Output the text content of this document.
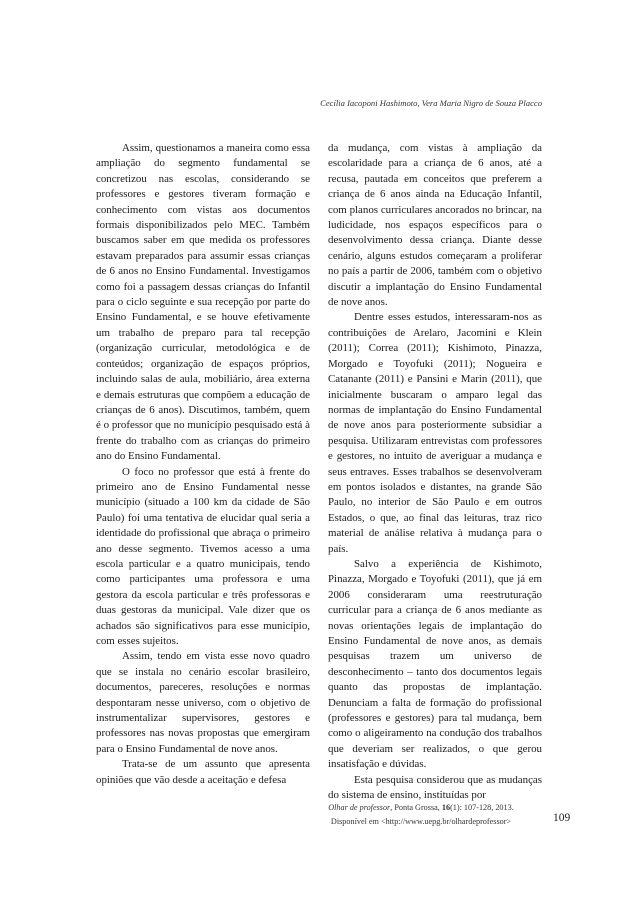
Cecília Iacoponi Hashimoto, Vera Maria Nigro de Souza Placco

Assim, questionamos a maneira como essa ampliação do segmento fundamental se concretizou nas escolas, considerando se professores e gestores tiveram formação e conhecimento com vistas aos documentos formais disponibilizados pelo MEC. Também buscamos saber em que medida os professores estavam preparados para assumir essas crianças de 6 anos no Ensino Fundamental. Investigamos como foi a passagem dessas crianças do Infantil para o ciclo seguinte e sua recepção por parte do Ensino Fundamental, e se houve efetivamente um trabalho de preparo para tal recepção (organização curricular, metodológica e de conteúdos; organização de espaços próprios, incluindo salas de aula, mobiliário, área externa e demais estruturas que compõem a educação de crianças de 6 anos). Discutimos, também, quem é o professor que no município pesquisado está à frente do trabalho com as crianças do primeiro ano do Ensino Fundamental.

O foco no professor que está à frente do primeiro ano de Ensino Fundamental nesse município (situado a 100 km da cidade de São Paulo) foi uma tentativa de elucidar qual seria a identidade do profissional que abraça o primeiro ano desse segmento. Tivemos acesso a uma escola particular e a quatro municipais, tendo como participantes uma professora e uma gestora da escola particular e três professoras e duas gestoras da municipal. Vale dizer que os achados são significativos para esse município, com esses sujeitos.

Assim, tendo em vista esse novo quadro que se instala no cenário escolar brasileiro, documentos, pareceres, resoluções e normas despontaram nesse universo, com o objetivo de instrumentalizar supervisores, gestores e professores nas novas propostas que emergiram para o Ensino Fundamental de nove anos.

Trata-se de um assunto que apresenta opiniões que vão desde a aceitação e defesa

da mudança, com vistas à ampliação da escolaridade para a criança de 6 anos, até a recusa, pautada em conceitos que preferem a criança de 6 anos ainda na Educação Infantil, com planos curriculares ancorados no brincar, na ludicidade, nos espaços específicos para o desenvolvimento dessa criança. Diante desse cenário, alguns estudos começaram a proliferar no país a partir de 2006, também com o objetivo discutir a implantação do Ensino Fundamental de nove anos.

Dentre esses estudos, interessaram-nos as contribuições de Arelaro, Jacomini e Klein (2011); Correa (2011); Kishimoto, Pinazza, Morgado e Toyofuki (2011); Nogueira e Catanante (2011) e Pansini e Marin (2011), que inicialmente buscaram o amparo legal das normas de implantação do Ensino Fundamental de nove anos para posteriormente subsidiar a pesquisa. Utilizaram entrevistas com professores e gestores, no intuito de averiguar a mudança e seus entraves. Esses trabalhos se desenvolveram em pontos isolados e distantes, na grande São Paulo, no interior de São Paulo e em outros Estados, o que, ao final das leituras, traz rico material de análise relativa à mudança para o país.

Salvo a experiência de Kishimoto, Pinazza, Morgado e Toyofuki (2011), que já em 2006 consideraram uma reestruturação curricular para a criança de 6 anos mediante as novas orientações legais de implantação do Ensino Fundamental de nove anos, as demais pesquisas trazem um universo de desconhecimento – tanto dos documentos legais quanto das propostas de implantação. Denunciam a falta de formação do profissional (professores e gestores) para tal mudança, bem como o aligeiramento na condução dos trabalhos que deveriam ser realizados, o que gerou insatisfação e dúvidas.

Esta pesquisa considerou que as mudanças do sistema de ensino, instituídas por

Olhar de professor, Ponta Grossa, 16(1): 107-128, 2013.
Disponível em <http://www.uepg.br/olhardeprofessor>	109
